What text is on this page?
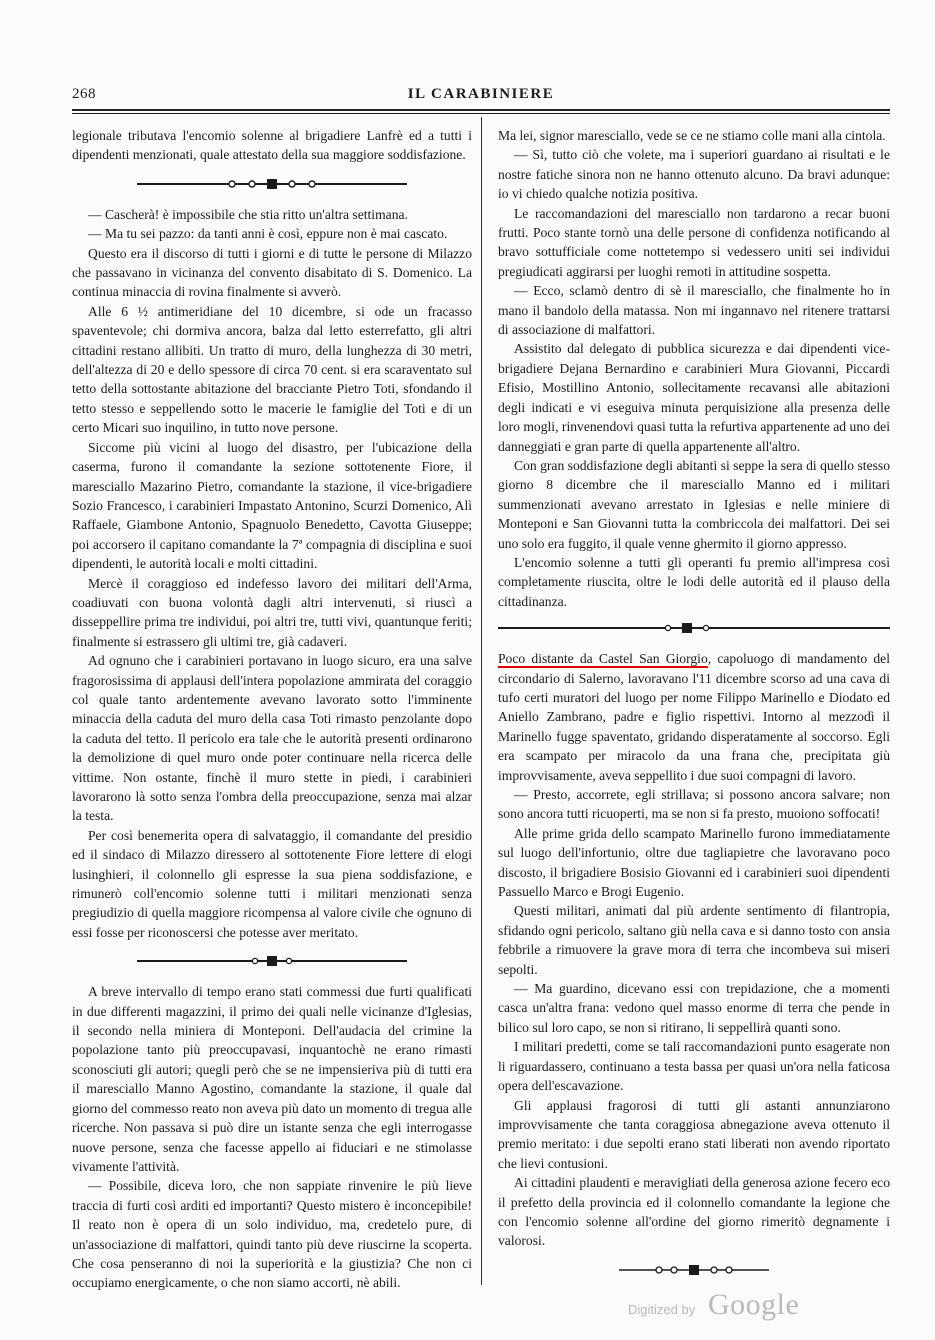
268	IL CARABINIERE

legionale tributava l'encomio solenne al brigadiere Lanfrè ed a tutti i dipendenti menzionati, quale attestato della sua maggiore soddisfazione.

— Cascherà! è impossibile che stia ritto un'altra settimana.

— Ma tu sei pazzo: da tanti anni è così, eppure non è mai cascato.

Questo era il discorso di tutti i giorni e di tutte le persone di Milazzo che passavano in vicinanza del convento disabitato di S. Domenico. La continua minaccia di rovina finalmente si avverò.

Alle 6 ½ antimeridiane del 10 dicembre, si ode un fracasso spaventevole; chi dormiva ancora, balza dal letto esterrefatto, gli altri cittadini restano allibiti. Un tratto di muro, della lunghezza di 30 metri, dell'altezza di 20 e dello spessore di circa 70 cent. si era scaraventato sul tetto della sottostante abitazione del bracciante Pietro Toti, sfondando il tetto stesso e seppellendo sotto le macerie le famiglie del Toti e di un certo Micari suo inquilino, in tutto nove persone.

Siccome più vicini al luogo del disastro, per l'ubicazione della caserma, furono il comandante la sezione sottotenente Fiore, il maresciallo Mazarino Pietro, comandante la stazione, il vice-brigadiere Sozio Francesco, i carabinieri Impastato Antonino, Scurzi Domenico, Alì Raffaele, Giambone Antonio, Spagnuolo Benedetto, Cavotta Giuseppe; poi accorsero il capitano comandante la 7ª compagnia di disciplina e suoi dipendenti, le autorità locali e molti cittadini.

Mercè il coraggioso ed indefesso lavoro dei militari dell'Arma, coadiuvati con buona volontà dagli altri intervenuti, si riuscì a disseppellire prima tre individui, poi altri tre, tutti vivi, quantunque feriti; finalmente si estrassero gli ultimi tre, già cadaveri.

Ad ognuno che i carabinieri portavano in luogo sicuro, era una salve fragorosissima di applausi dell'intera popolazione ammirata del coraggio col quale tanto ardentemente avevano lavorato sotto l'imminente minaccia della caduta del muro della casa Toti rimasto penzolante dopo la caduta del tetto. Il pericolo era tale che le autorità presenti ordinarono la demolizione di quel muro onde poter continuare nella ricerca delle vittime. Non ostante, finchè il muro stette in piedi, i carabinieri lavorarono là sotto senza l'ombra della preoccupazione, senza mai alzar la testa.

Per così benemerita opera di salvataggio, il comandante del presidio ed il sindaco di Milazzo diressero al sottotenente Fiore lettere di elogi lusinghieri, il colonnello gli espresse la sua piena soddisfazione, e rimunerò coll'encomio solenne tutti i militari menzionati senza pregiudizio di quella maggiore ricompensa al valore civile che ognuno di essi fosse per riconoscersi che potesse aver meritato.

A breve intervallo di tempo erano stati commessi due furti qualificati in due differenti magazzini, il primo dei quali nelle vicinanze d'Iglesias, il secondo nella miniera di Monteponi. Dell'audacia del crimine la popolazione tanto più preoccupavasi, inquantochè ne erano rimasti sconosciuti gli autori; quegli però che se ne impensieriva più di tutti era il maresciallo Manno Agostino, comandante la stazione, il quale dal giorno del commesso reato non aveva più dato un momento di tregua alle ricerche. Non passava si può dire un istante senza che egli interrogasse nuove persone, senza che facesse appello ai fiduciari e ne stimolasse vivamente l'attività.

— Possibile, diceva loro, che non sappiate rinvenire le più lieve traccia di furti così arditi ed importanti? Questo mistero è inconcepibile! Il reato non è opera di un solo individuo, ma, credetelo pure, di un'associazione di malfattori, quindi tanto più deve riuscirne la scoperta. Che cosa penseranno di noi la superiorità e la giustizia? Che non ci occupiamo energicamente, o che non siamo accorti, nè abili.

Ma lei, signor maresciallo, vede se ce ne stiamo colle mani alla cintola.

— Sì, tutto ciò che volete, ma i superiori guardano ai risultati e le nostre fatiche sinora non ne hanno ottenuto alcuno. Da bravi adunque: io vi chiedo qualche notizia positiva.

Le raccomandazioni del maresciallo non tardarono a recar buoni frutti. Poco stante tornò una delle persone di confidenza notificando al bravo sottufficiale come nottetempo si vedessero uniti sei individui pregiudicati aggirarsi per luoghi remoti in attitudine sospetta.

— Ecco, sclamò dentro di sè il maresciallo, che finalmente ho in mano il bandolo della matassa. Non mi ingannavo nel ritenere trattarsi di associazione di malfattori.

Assistito dal delegato di pubblica sicurezza e dai dipendenti vice-brigadiere Dejana Bernardino e carabinieri Mura Giovanni, Piccardi Efisio, Mostillino Antonio, sollecitamente recavansi alle abitazioni degli indicati e vi eseguiva minuta perquisizione alla presenza delle loro mogli, rinvenendovi quasi tutta la refurtiva appartenente ad uno dei danneggiati e gran parte di quella appartenente all'altro.

Con gran soddisfazione degli abitanti si seppe la sera di quello stesso giorno 8 dicembre che il maresciallo Manno ed i militari summenzionati avevano arrestato in Iglesias e nelle miniere di Monteponi e San Giovanni tutta la combriccola dei malfattori. Dei sei uno solo era fuggito, il quale venne ghermito il giorno appresso.

L'encomio solenne a tutti gli operanti fu premio all'impresa così completamente riuscita, oltre le lodi delle autorità ed il plauso della cittadinanza.

Poco distante da Castel San Giorgio, capoluogo di mandamento del circondario di Salerno, lavoravano l'11 dicembre scorso ad una cava di tufo certi muratori del luogo per nome Filippo Marinello e Diodato ed Aniello Zambrano, padre e figlio rispettivi. Intorno al mezzodì il Marinello fugge spaventato, gridando disperatamente al soccorso. Egli era scampato per miracolo da una frana che, precipitata giù improvvisamente, aveva seppellito i due suoi compagni di lavoro.

— Presto, accorrete, egli strillava; si possono ancora salvare; non sono ancora tutti ricuoperti, ma se non si fa presto, muoiono soffocati!

Alle prime grida dello scampato Marinello furono immediatamente sul luogo dell'infortunio, oltre due tagliapietre che lavoravano poco discosto, il brigadiere Bosisio Giovanni ed i carabinieri suoi dipendenti Passuello Marco e Brogi Eugenio.

Questi militari, animati dal più ardente sentimento di filantropia, sfidando ogni pericolo, saltano giù nella cava e si danno tosto con ansia febbrile a rimuovere la grave mora di terra che incombeva sui miseri sepolti.

— Ma guardino, dicevano essi con trepidazione, che a momenti casca un'altra frana: vedono quel masso enorme di terra che pende in bilico sul loro capo, se non si ritirano, li seppellirà quanti sono.

I militari predetti, come se tali raccomandazioni punto esagerate non li riguardassero, continuano a testa bassa per quasi un'ora nella faticosa opera dell'escavazione.

Gli applausi fragorosi di tutti gli astanti annunziarono improvvisamente che tanta coraggiosa abnegazione aveva ottenuto il premio meritato: i due sepolti erano stati liberati non avendo riportato che lievi contusioni.

Ai cittadini plaudenti e meravigliati della generosa azione fecero eco il prefetto della provincia ed il colonnello comandante la legione che con l'encomio solenne all'ordine del giorno rimeritò degnamente i valorosi.

Digitized by Google
